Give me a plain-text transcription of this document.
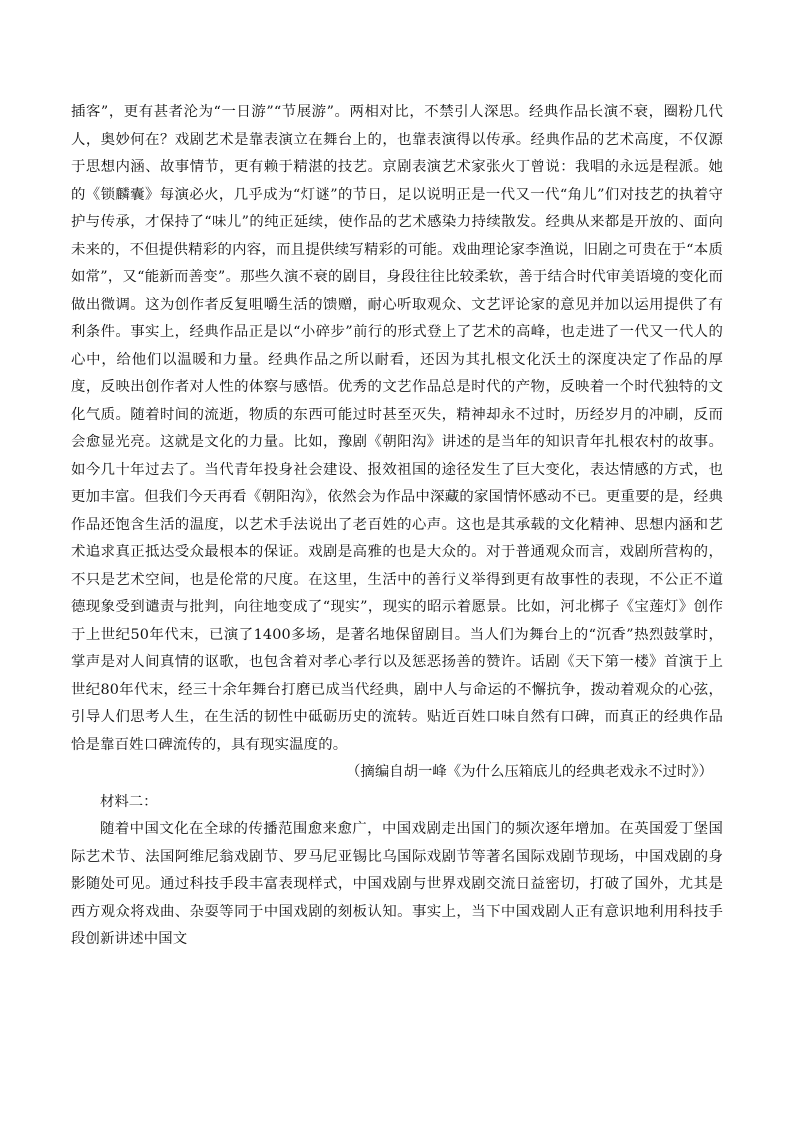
插客”，更有甚者沦为“一日游”“节展游”。两相对比，不禁引人深思。经典作品长演不衰，圈粉几代人，奥妙何在？戏剧艺术是靠表演立在舞台上的，也靠表演得以传承。经典作品的艺术高度，不仅源于思想内涵、故事情节，更有赖于精湛的技艺。京剧表演艺术家张火丁曾说：我唱的永远是程派。她的《锁麟囊》每演必火，几乎成为“灯谜”的节日，足以说明正是一代又一代“角儿”们对技艺的执着守护与传承，才保持了“味儿”的纯正延续，使作品的艺术感染力持续散发。经典从来都是开放的、面向未来的，不但提供精彩的内容，而且提供续写精彩的可能。戏曲理论家李渔说，旧剧之可贵在于“本质如常”，又“能新而善变”。那些久演不衰的剧目，身段往往比较柔软，善于结合时代审美语境的变化而做出微调。这为创作者反复咀嚼生活的馈赠，耐心听取观众、文艺评论家的意见并加以运用提供了有利条件。事实上，经典作品正是以“小碎步”前行的形式登上了艺术的高峰，也走进了一代又一代人的心中，给他们以温暖和力量。经典作品之所以耐看，还因为其扎根文化沃土的深度决定了作品的厚度，反映出创作者对人性的体察与感悟。优秀的文艺作品总是时代的产物，反映着一个时代独特的文化气质。随着时间的流逝，物质的东西可能过时甚至灭失，精神却永不过时，历经岁月的冲刷，反而会愈显光亮。这就是文化的力量。比如，豫剧《朝阳沟》讲述的是当年的知识青年扎根农村的故事。如今几十年过去了。当代青年投身社会建设、报效祖国的途径发生了巨大变化，表达情感的方式，也更加丰富。但我们今天再看《朝阳沟》，依然会为作品中深藏的家国情怀感动不已。更重要的是，经典作品还饱含生活的温度，以艺术手法说出了老百姓的心声。这也是其承载的文化精神、思想内涵和艺术追求真正抵达受众最根本的保证。戏剧是高雅的也是大众的。对于普通观众而言，戏剧所营构的，不只是艺术空间，也是伦常的尺度。在这里，生活中的善行义举得到更有故事性的表现，不公正不道德现象受到谴责与批判，向往地变成了“现实”，现实的昭示着愿景。比如，河北梆子《宝莲灯》创作于上世纪50年代末，已演了1400多场，是著名地保留剧目。当人们为舞台上的“沉香”热烈鼓掌时，掌声是对人间真情的讴歌，也包含着对孝心孝行以及惩恶扬善的赞许。话剧《天下第一楼》首演于上世纪80年代末，经三十余年舞台打磨已成当代经典，剧中人与命运的不懈抗争，拨动着观众的心弦，引导人们思考人生，在生活的韧性中砥砺历史的流转。贴近百姓口味自然有口碑，而真正的经典作品恰是靠百姓口碑流传的，具有现实温度的。

（摘编自胡一峰《为什么压箱底儿的经典老戏永不过时》）

材料二：

随着中国文化在全球的传播范围愈来愈广，中国戏剧走出国门的频次逐年增加。在英国爱丁堡国际艺术节、法国阿维尼翁戏剧节、罗马尼亚锡比乌国际戏剧节等著名国际戏剧节现场，中国戏剧的身影随处可见。通过科技手段丰富表现样式，中国戏剧与世界戏剧交流日益密切，打破了国外，尤其是西方观众将戏曲、杂耍等同于中国戏剧的刻板认知。事实上，当下中国戏剧人正有意识地利用科技手段创新讲述中国文
